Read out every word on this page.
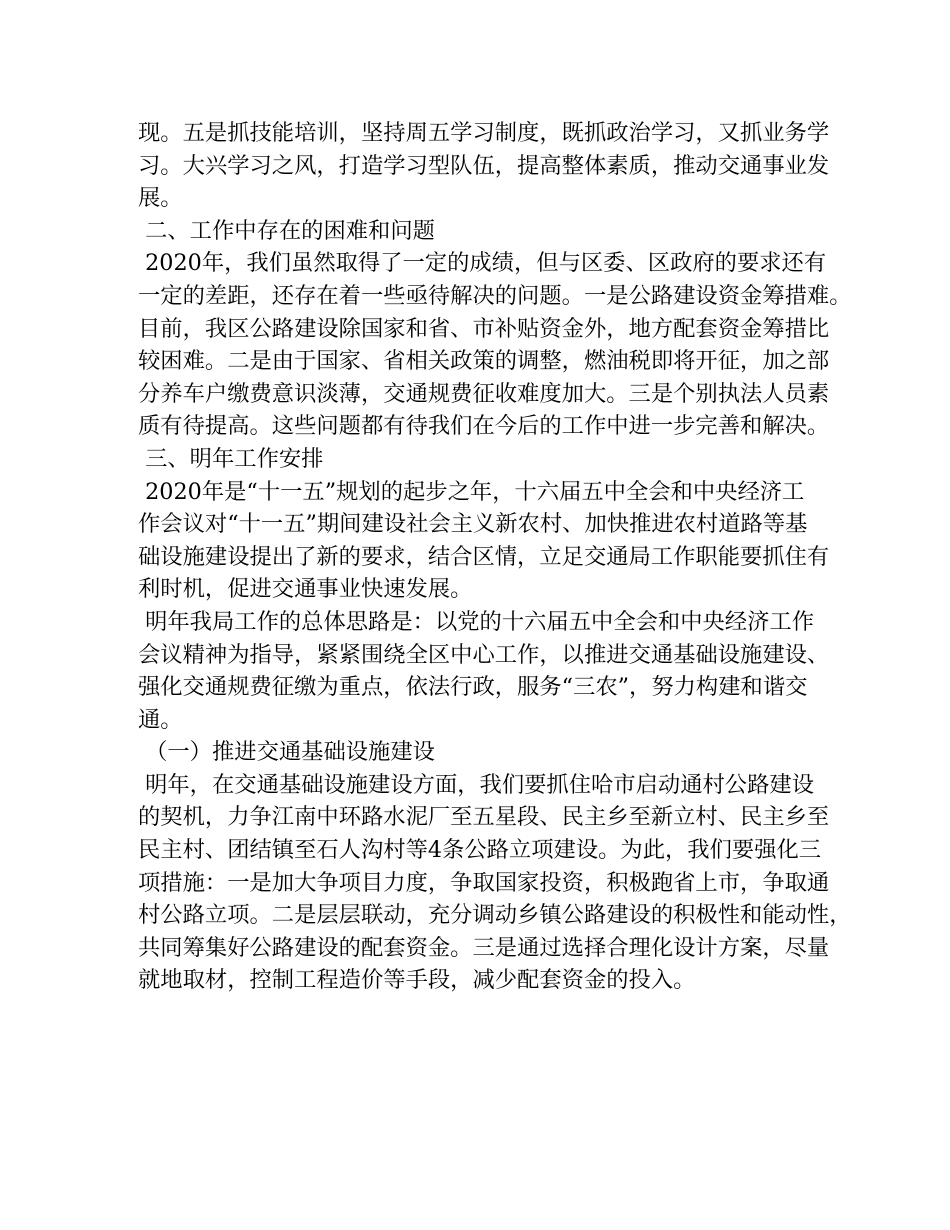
现。五是抓技能培训，坚持周五学习制度，既抓政治学习，又抓业务学
习。大兴学习之风，打造学习型队伍，提高整体素质，推动交通事业发
展。
二、工作中存在的困难和问题
2020年，我们虽然取得了一定的成绩，但与区委、区政府的要求还有
一定的差距，还存在着一些亟待解决的问题。一是公路建设资金筹措难。
目前，我区公路建设除国家和省、市补贴资金外，地方配套资金筹措比
较困难。二是由于国家、省相关政策的调整，燃油税即将开征，加之部
分养车户缴费意识淡薄，交通规费征收难度加大。三是个别执法人员素
质有待提高。这些问题都有待我们在今后的工作中进一步完善和解决。
三、明年工作安排
2020年是“十一五”规划的起步之年，十六届五中全会和中央经济工
作会议对“十一五”期间建设社会主义新农村、加快推进农村道路等基
础设施建设提出了新的要求，结合区情，立足交通局工作职能要抓住有
利时机，促进交通事业快速发展。
明年我局工作的总体思路是：以党的十六届五中全会和中央经济工作
会议精神为指导，紧紧围绕全区中心工作，以推进交通基础设施建设、
强化交通规费征缴为重点，依法行政，服务“三农”，努力构建和谐交
通。
（一）推进交通基础设施建设
明年，在交通基础设施建设方面，我们要抓住哈市启动通村公路建设
的契机，力争江南中环路水泥厂至五星段、民主乡至新立村、民主乡至
民主村、团结镇至石人沟村等4条公路立项建设。为此，我们要强化三
项措施：一是加大争项目力度，争取国家投资，积极跑省上市，争取通
村公路立项。二是层层联动，充分调动乡镇公路建设的积极性和能动性，
共同筹集好公路建设的配套资金。三是通过选择合理化设计方案，尽量
就地取材，控制工程造价等手段，减少配套资金的投入。
